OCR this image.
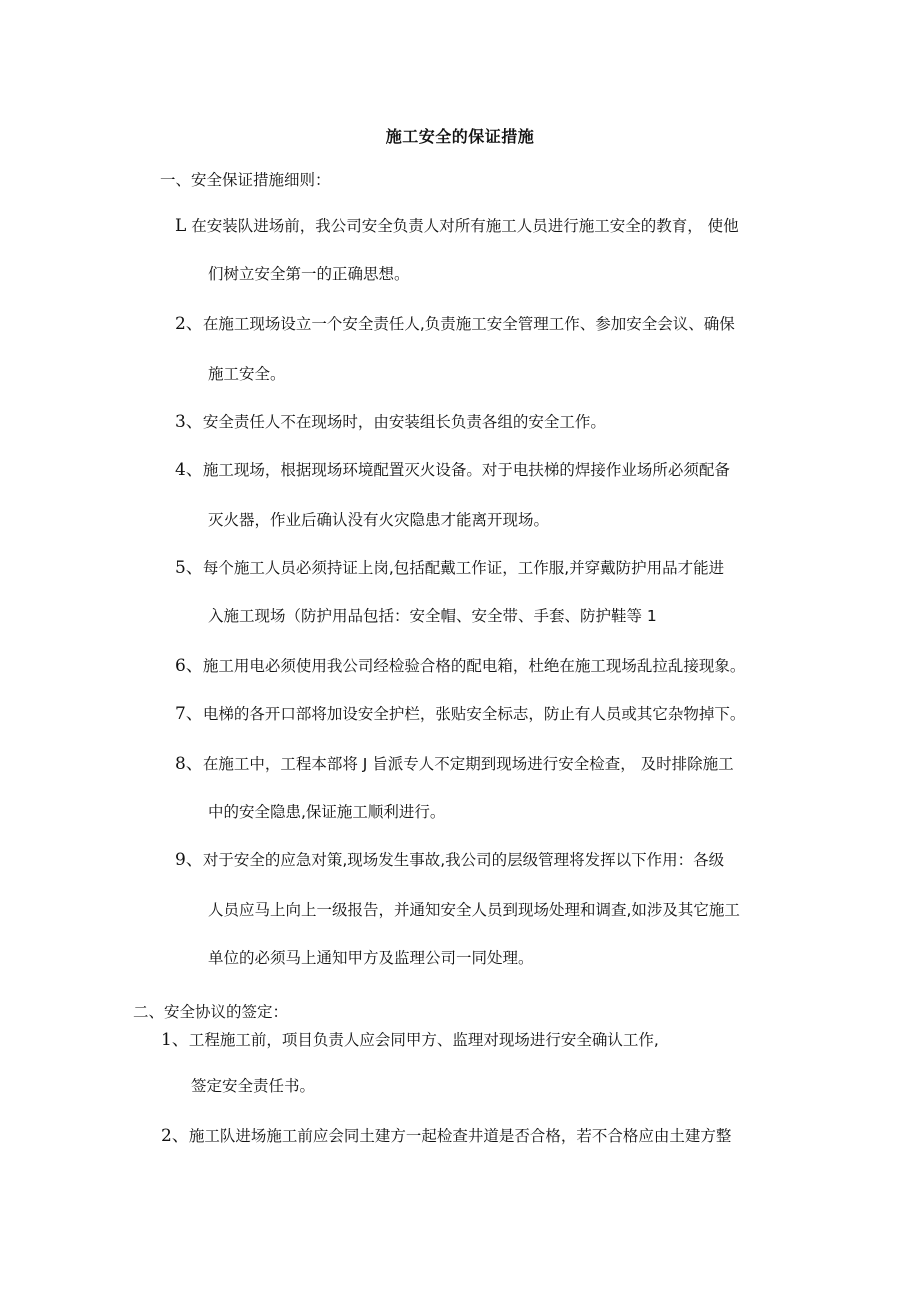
施工安全的保证措施
一、安全保证措施细则：
L 在安装队进场前，我公司安全负责人对所有施工人员进行施工安全的教育， 使他
们树立安全第一的正确思想。
2、在施工现场设立一个安全责任人,负责施工安全管理工作、参加安全会议、确保
施工安全。
3、安全责任人不在现场时，由安装组长负责各组的安全工作。
4、施工现场，根据现场环境配置灭火设备。对于电扶梯的焊接作业场所必须配备
灭火器，作业后确认没有火灾隐患才能离开现场。
5、每个施工人员必须持证上岗,包括配戴工作证，工作服,并穿戴防护用品才能进
入施工现场（防护用品包括：安全帽、安全带、手套、防护鞋等 1
6、施工用电必须使用我公司经检验合格的配电箱，杜绝在施工现场乱拉乱接现象。
7、电梯的各开口部将加设安全护栏，张贴安全标志，防止有人员或其它杂物掉下。
8、在施工中，工程本部将 J 旨派专人不定期到现场进行安全检查， 及时排除施工
中的安全隐患,保证施工顺利进行。
9、对于安全的应急对策,现场发生事故,我公司的层级管理将发挥以下作用：各级
人员应马上向上一级报告，并通知安全人员到现场处理和调查,如涉及其它施工
单位的必须马上通知甲方及监理公司一同处理。
二、安全协议的签定：
1、工程施工前，项目负责人应会同甲方、监理对现场进行安全确认工作,
签定安全责任书。
2、施工队进场施工前应会同土建方一起检查井道是否合格，若不合格应由土建方整
